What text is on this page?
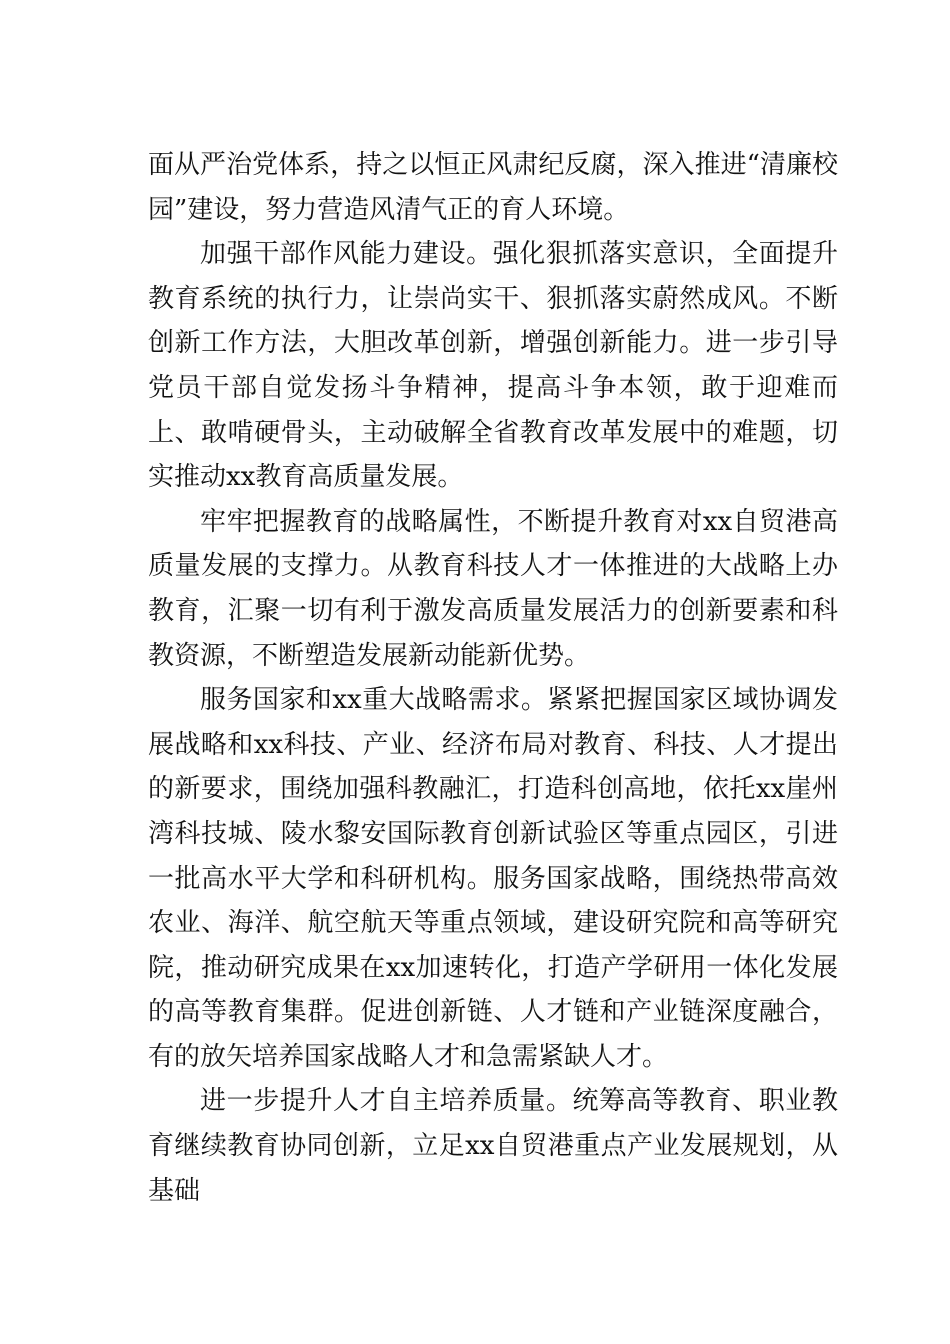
面从严治党体系，持之以恒正风肃纪反腐，深入推进“清廉校园”建设，努力营造风清气正的育人环境。

加强干部作风能力建设。强化狠抓落实意识，全面提升教育系统的执行力，让崇尚实干、狠抓落实蔚然成风。不断创新工作方法，大胆改革创新，增强创新能力。进一步引导党员干部自觉发扬斗争精神，提高斗争本领，敢于迎难而上、敢啃硬骨头，主动破解全省教育改革发展中的难题，切实推动xx教育高质量发展。

牢牢把握教育的战略属性，不断提升教育对xx自贸港高质量发展的支撑力。从教育科技人才一体推进的大战略上办教育，汇聚一切有利于激发高质量发展活力的创新要素和科教资源，不断塑造发展新动能新优势。

服务国家和xx重大战略需求。紧紧把握国家区域协调发展战略和xx科技、产业、经济布局对教育、科技、人才提出的新要求，围绕加强科教融汇，打造科创高地，依托xx崖州湾科技城、陵水黎安国际教育创新试验区等重点园区，引进一批高水平大学和科研机构。服务国家战略，围绕热带高效农业、海洋、航空航天等重点领域，建设研究院和高等研究院，推动研究成果在xx加速转化，打造产学研用一体化发展的高等教育集群。促进创新链、人才链和产业链深度融合，有的放矢培养国家战略人才和急需紧缺人才。

进一步提升人才自主培养质量。统筹高等教育、职业教育继续教育协同创新，立足xx自贸港重点产业发展规划，从基础
